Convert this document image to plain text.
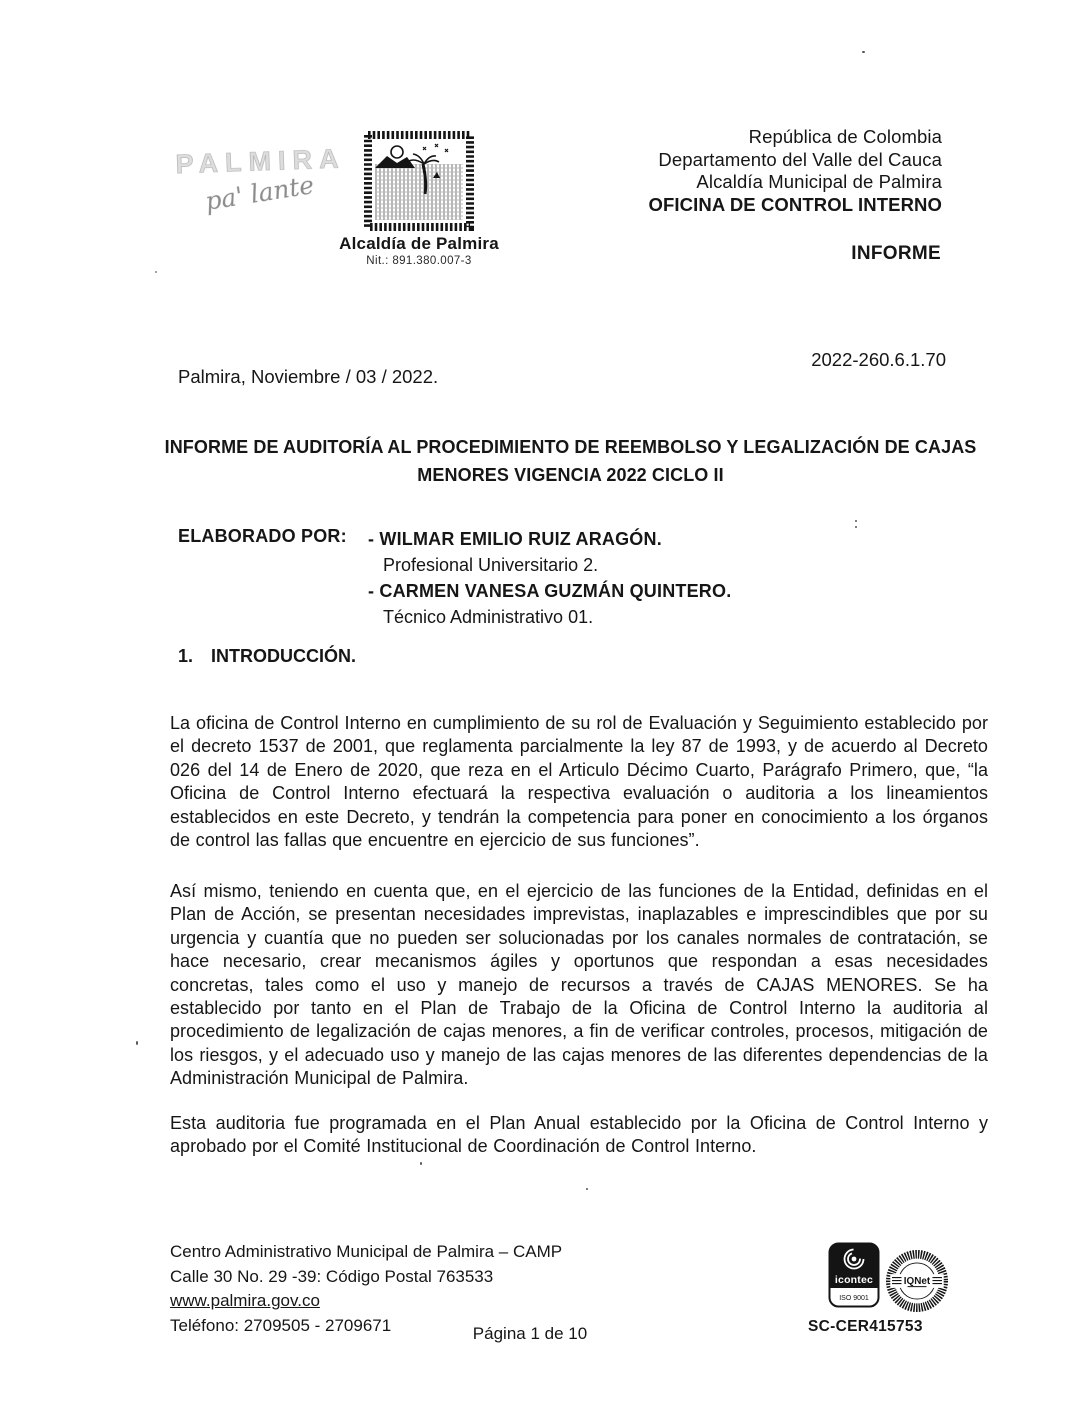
PALMIRA
pa' lante
Alcaldía de Palmira
Nit.: 891.380.007-3
República de Colombia
Departamento del Valle del Cauca
Alcaldía Municipal de Palmira
OFICINA DE CONTROL INTERNO
INFORME
2022-260.6.1.70
Palmira, Noviembre / 03 / 2022.
INFORME DE AUDITORÍA AL PROCEDIMIENTO DE REEMBOLSO Y LEGALIZACIÓN DE CAJAS MENORES VIGENCIA 2022 CICLO II
ELABORADO POR: - WILMAR EMILIO RUIZ ARAGÓN.
Profesional Universitario 2.
- CARMEN VANESA GUZMÁN QUINTERO.
Técnico Administrativo 01.
1. INTRODUCCIÓN.

La oficina de Control Interno en cumplimiento de su rol de Evaluación y Seguimiento establecido por el decreto 1537 de 2001, que reglamenta parcialmente la ley 87 de 1993, y de acuerdo al Decreto 026 del 14 de Enero de 2020, que reza en el Articulo Décimo Cuarto, Parágrafo Primero, que, “la Oficina de Control Interno efectuará la respectiva evaluación o auditoria a los lineamientos establecidos en este Decreto, y tendrán la competencia para poner en conocimiento a los órganos de control las fallas que encuentre en ejercicio de sus funciones”.

Así mismo, teniendo en cuenta que, en el ejercicio de las funciones de la Entidad, definidas en el Plan de Acción, se presentan necesidades imprevistas, inaplazables e imprescindibles que por su urgencia y cuantía que no pueden ser solucionadas por los canales normales de contratación, se hace necesario, crear mecanismos ágiles y oportunos que respondan a esas necesidades concretas, tales como el uso y manejo de recursos a través de CAJAS MENORES. Se ha establecido por tanto en el Plan de Trabajo de la Oficina de Control Interno la auditoria al procedimiento de legalización de cajas menores, a fin de verificar controles, procesos, mitigación de los riesgos, y el adecuado uso y manejo de las cajas menores de las diferentes dependencias de la Administración Municipal de Palmira.

Esta auditoria fue programada en el Plan Anual establecido por la Oficina de Control Interno y aprobado por el Comité Institucional de Coordinación de Control Interno.

Centro Administrativo Municipal de Palmira – CAMP
Calle 30 No. 29 -39: Código Postal 763533
www.palmira.gov.co
Teléfono: 2709505 - 2709671	Página 1 de 10
icontec
ISO 9001
IQNet
SC-CER415753
